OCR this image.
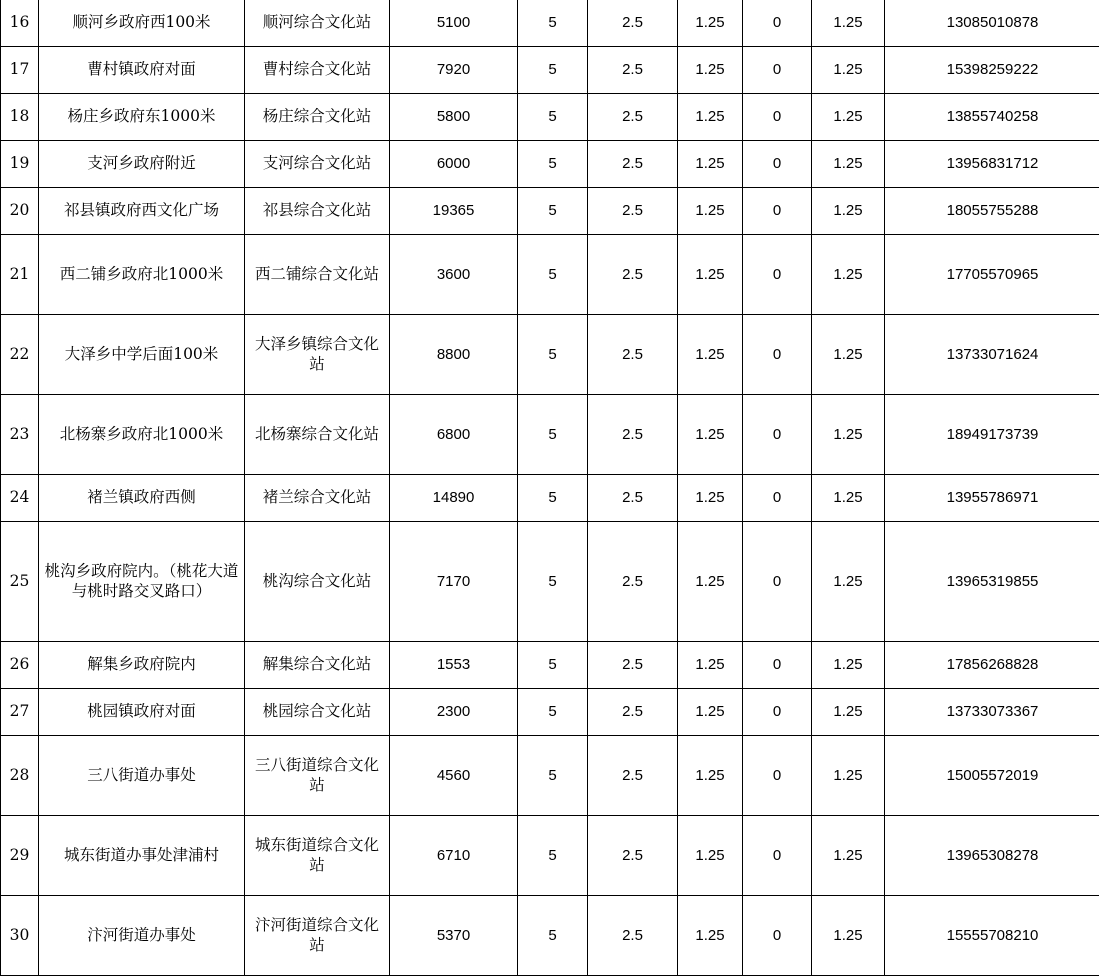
16	顺河乡政府西100米	顺河综合文化站	5100	5	2.5	1.25	0	1.25	13085010878
17	曹村镇政府对面	曹村综合文化站	7920	5	2.5	1.25	0	1.25	15398259222
18	杨庄乡政府东1000米	杨庄综合文化站	5800	5	2.5	1.25	0	1.25	13855740258
19	支河乡政府附近	支河综合文化站	6000	5	2.5	1.25	0	1.25	13956831712
20	祁县镇政府西文化广场	祁县综合文化站	19365	5	2.5	1.25	0	1.25	18055755288
21	西二铺乡政府北1000米	西二铺综合文化站	3600	5	2.5	1.25	0	1.25	17705570965
22	大泽乡中学后面100米	大泽乡镇综合文化站	8800	5	2.5	1.25	0	1.25	13733071624
23	北杨寨乡政府北1000米	北杨寨综合文化站	6800	5	2.5	1.25	0	1.25	18949173739
24	褚兰镇政府西侧	褚兰综合文化站	14890	5	2.5	1.25	0	1.25	13955786971
25	桃沟乡政府院内。（桃花大道与桃时路交叉路口）	桃沟综合文化站	7170	5	2.5	1.25	0	1.25	13965319855
26	解集乡政府院内	解集综合文化站	1553	5	2.5	1.25	0	1.25	17856268828
27	桃园镇政府对面	桃园综合文化站	2300	5	2.5	1.25	0	1.25	13733073367
28	三八街道办事处	三八街道综合文化站	4560	5	2.5	1.25	0	1.25	15005572019
29	城东街道办事处津浦村	城东街道综合文化站	6710	5	2.5	1.25	0	1.25	13965308278
30	汴河街道办事处	汴河街道综合文化站	5370	5	2.5	1.25	0	1.25	15555708210
